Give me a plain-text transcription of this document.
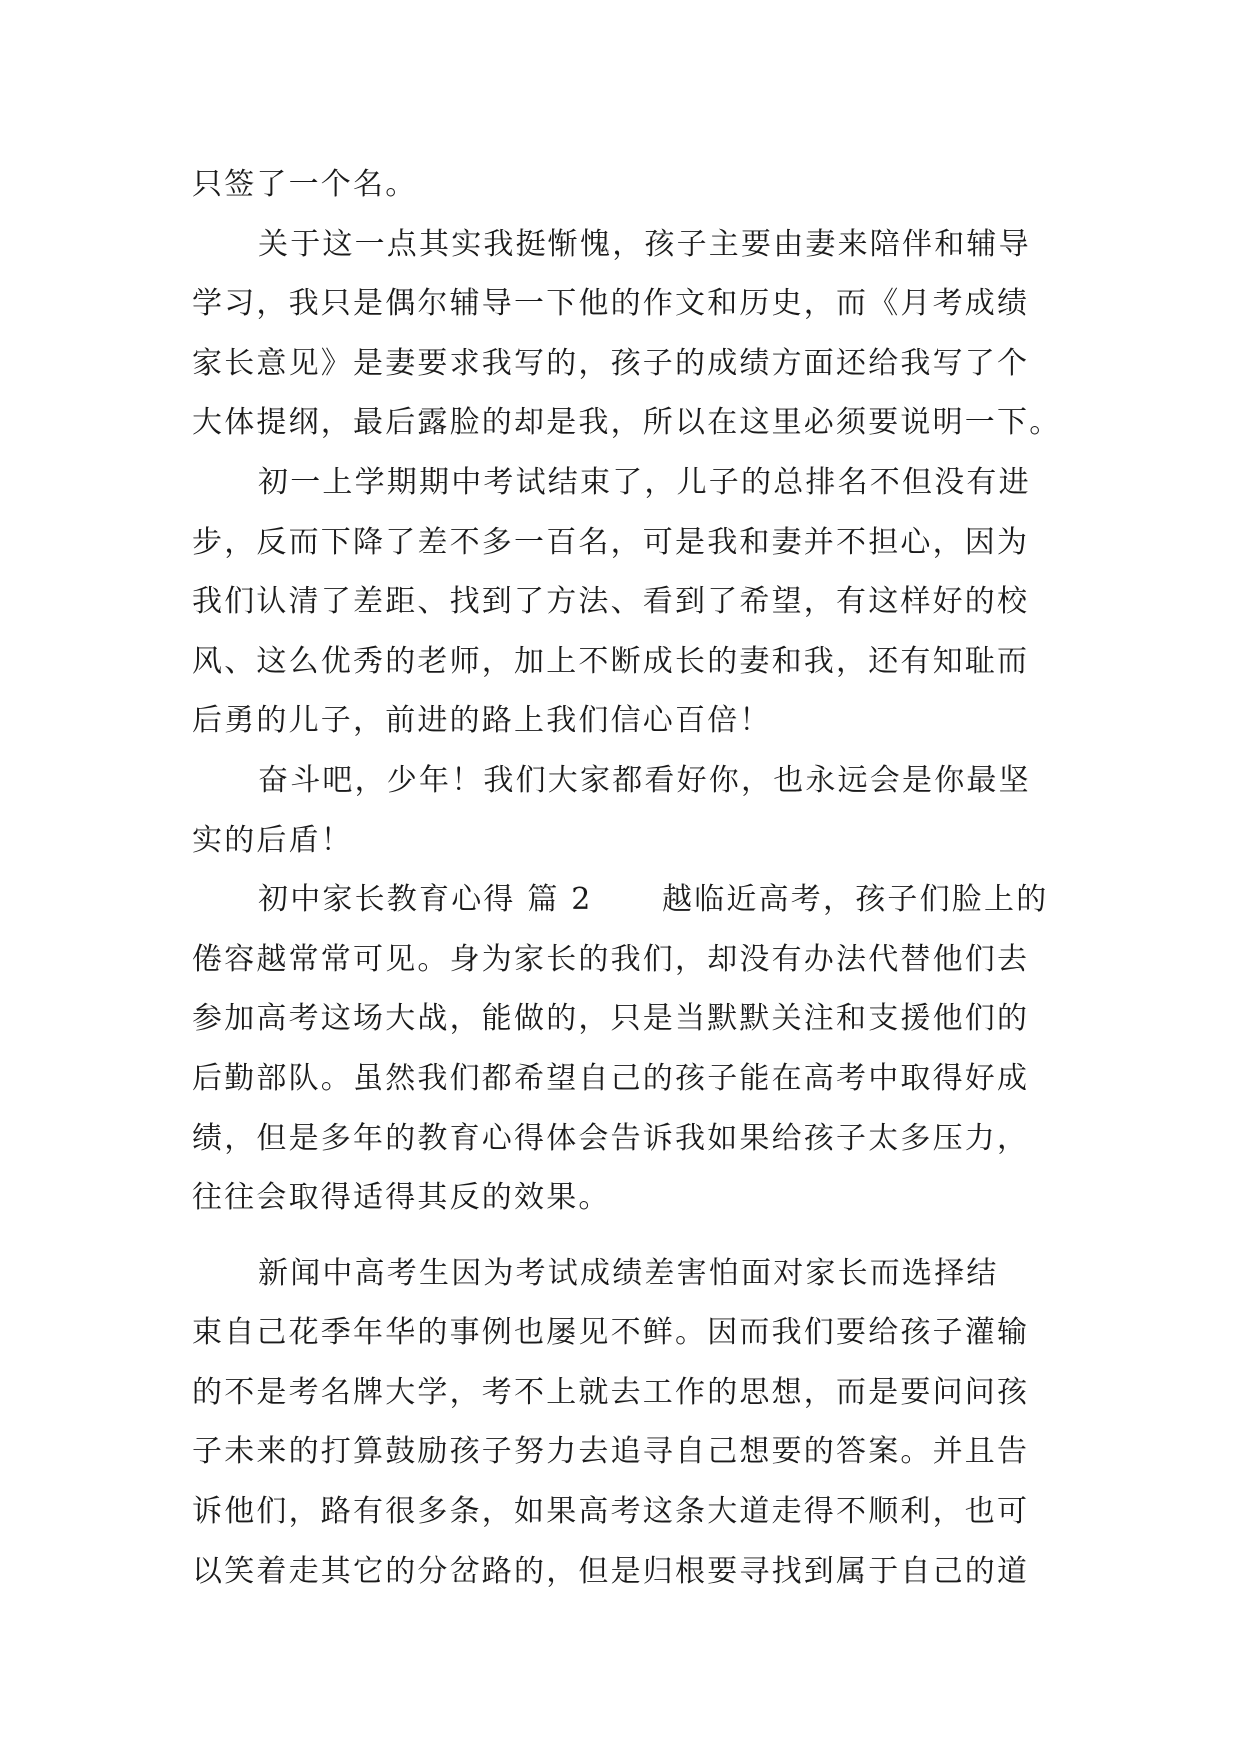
只签了一个名。
关于这一点其实我挺惭愧，孩子主要由妻来陪伴和辅导
学习，我只是偶尔辅导一下他的作文和历史，而《月考成绩
家长意见》是妻要求我写的，孩子的成绩方面还给我写了个
大体提纲，最后露脸的却是我，所以在这里必须要说明一下。
初一上学期期中考试结束了，儿子的总排名不但没有进
步，反而下降了差不多一百名，可是我和妻并不担心，因为
我们认清了差距、找到了方法、看到了希望，有这样好的校
风、这么优秀的老师，加上不断成长的妻和我，还有知耻而
后勇的儿子，前进的路上我们信心百倍！
奋斗吧，少年！我们大家都看好你，也永远会是你最坚
实的后盾！
初中家长教育心得 篇 2 越临近高考，孩子们脸上的
倦容越常常可见。身为家长的我们，却没有办法代替他们去
参加高考这场大战，能做的，只是当默默关注和支援他们的
后勤部队。虽然我们都希望自己的孩子能在高考中取得好成
绩，但是多年的教育心得体会告诉我如果给孩子太多压力，
往往会取得适得其反的效果。
新闻中高考生因为考试成绩差害怕面对家长而选择结
束自己花季年华的事例也屡见不鲜。因而我们要给孩子灌输
的不是考名牌大学，考不上就去工作的思想，而是要问问孩
子未来的打算鼓励孩子努力去追寻自己想要的答案。并且告
诉他们，路有很多条，如果高考这条大道走得不顺利，也可
以笑着走其它的分岔路的，但是归根要寻找到属于自己的道
